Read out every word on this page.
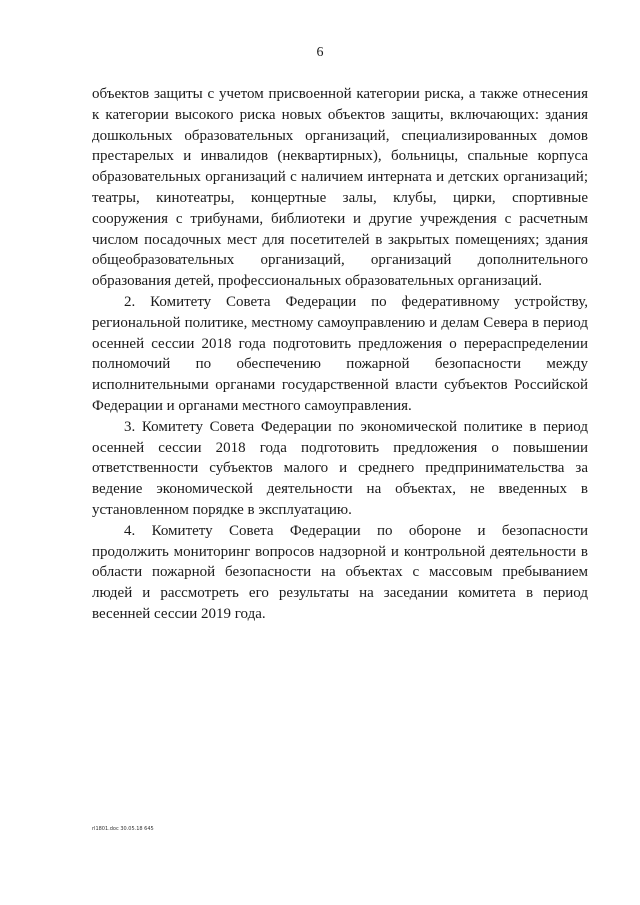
6
объектов защиты с учетом присвоенной категории риска, а также отнесения
к категории высокого риска новых объектов защиты, включающих: здания
дошкольных образовательных организаций, специализированных домов
престарелых и инвалидов (неквартирных), больницы, спальные корпуса
образовательных организаций с наличием интерната и детских организаций;
театры, кинотеатры, концертные залы, клубы, цирки, спортивные
сооружения с трибунами, библиотеки и другие учреждения с расчетным
числом посадочных мест для посетителей в закрытых помещениях; здания
общеобразовательных организаций, организаций дополнительного
образования детей, профессиональных образовательных организаций.
2. Комитету Совета Федерации по федеративному устройству,
региональной политике, местному самоуправлению и делам Севера в период
осенней сессии 2018 года подготовить предложения о перераспределении
полномочий по обеспечению пожарной безопасности между
исполнительными органами государственной власти субъектов Российской
Федерации и органами местного самоуправления.
3. Комитету Совета Федерации по экономической политике в период
осенней сессии 2018 года подготовить предложения о повышении
ответственности субъектов малого и среднего предпринимательства за
ведение экономической деятельности на объектах, не введенных в
установленном порядке в эксплуатацию.
4. Комитету Совета Федерации по обороне и безопасности
продолжить мониторинг вопросов надзорной и контрольной деятельности в
области пожарной безопасности на объектах с массовым пребыванием
людей и рассмотреть его результаты на заседании комитета в период
весенней сессии 2019 года.
rl1801.doc 30.05.18 645
